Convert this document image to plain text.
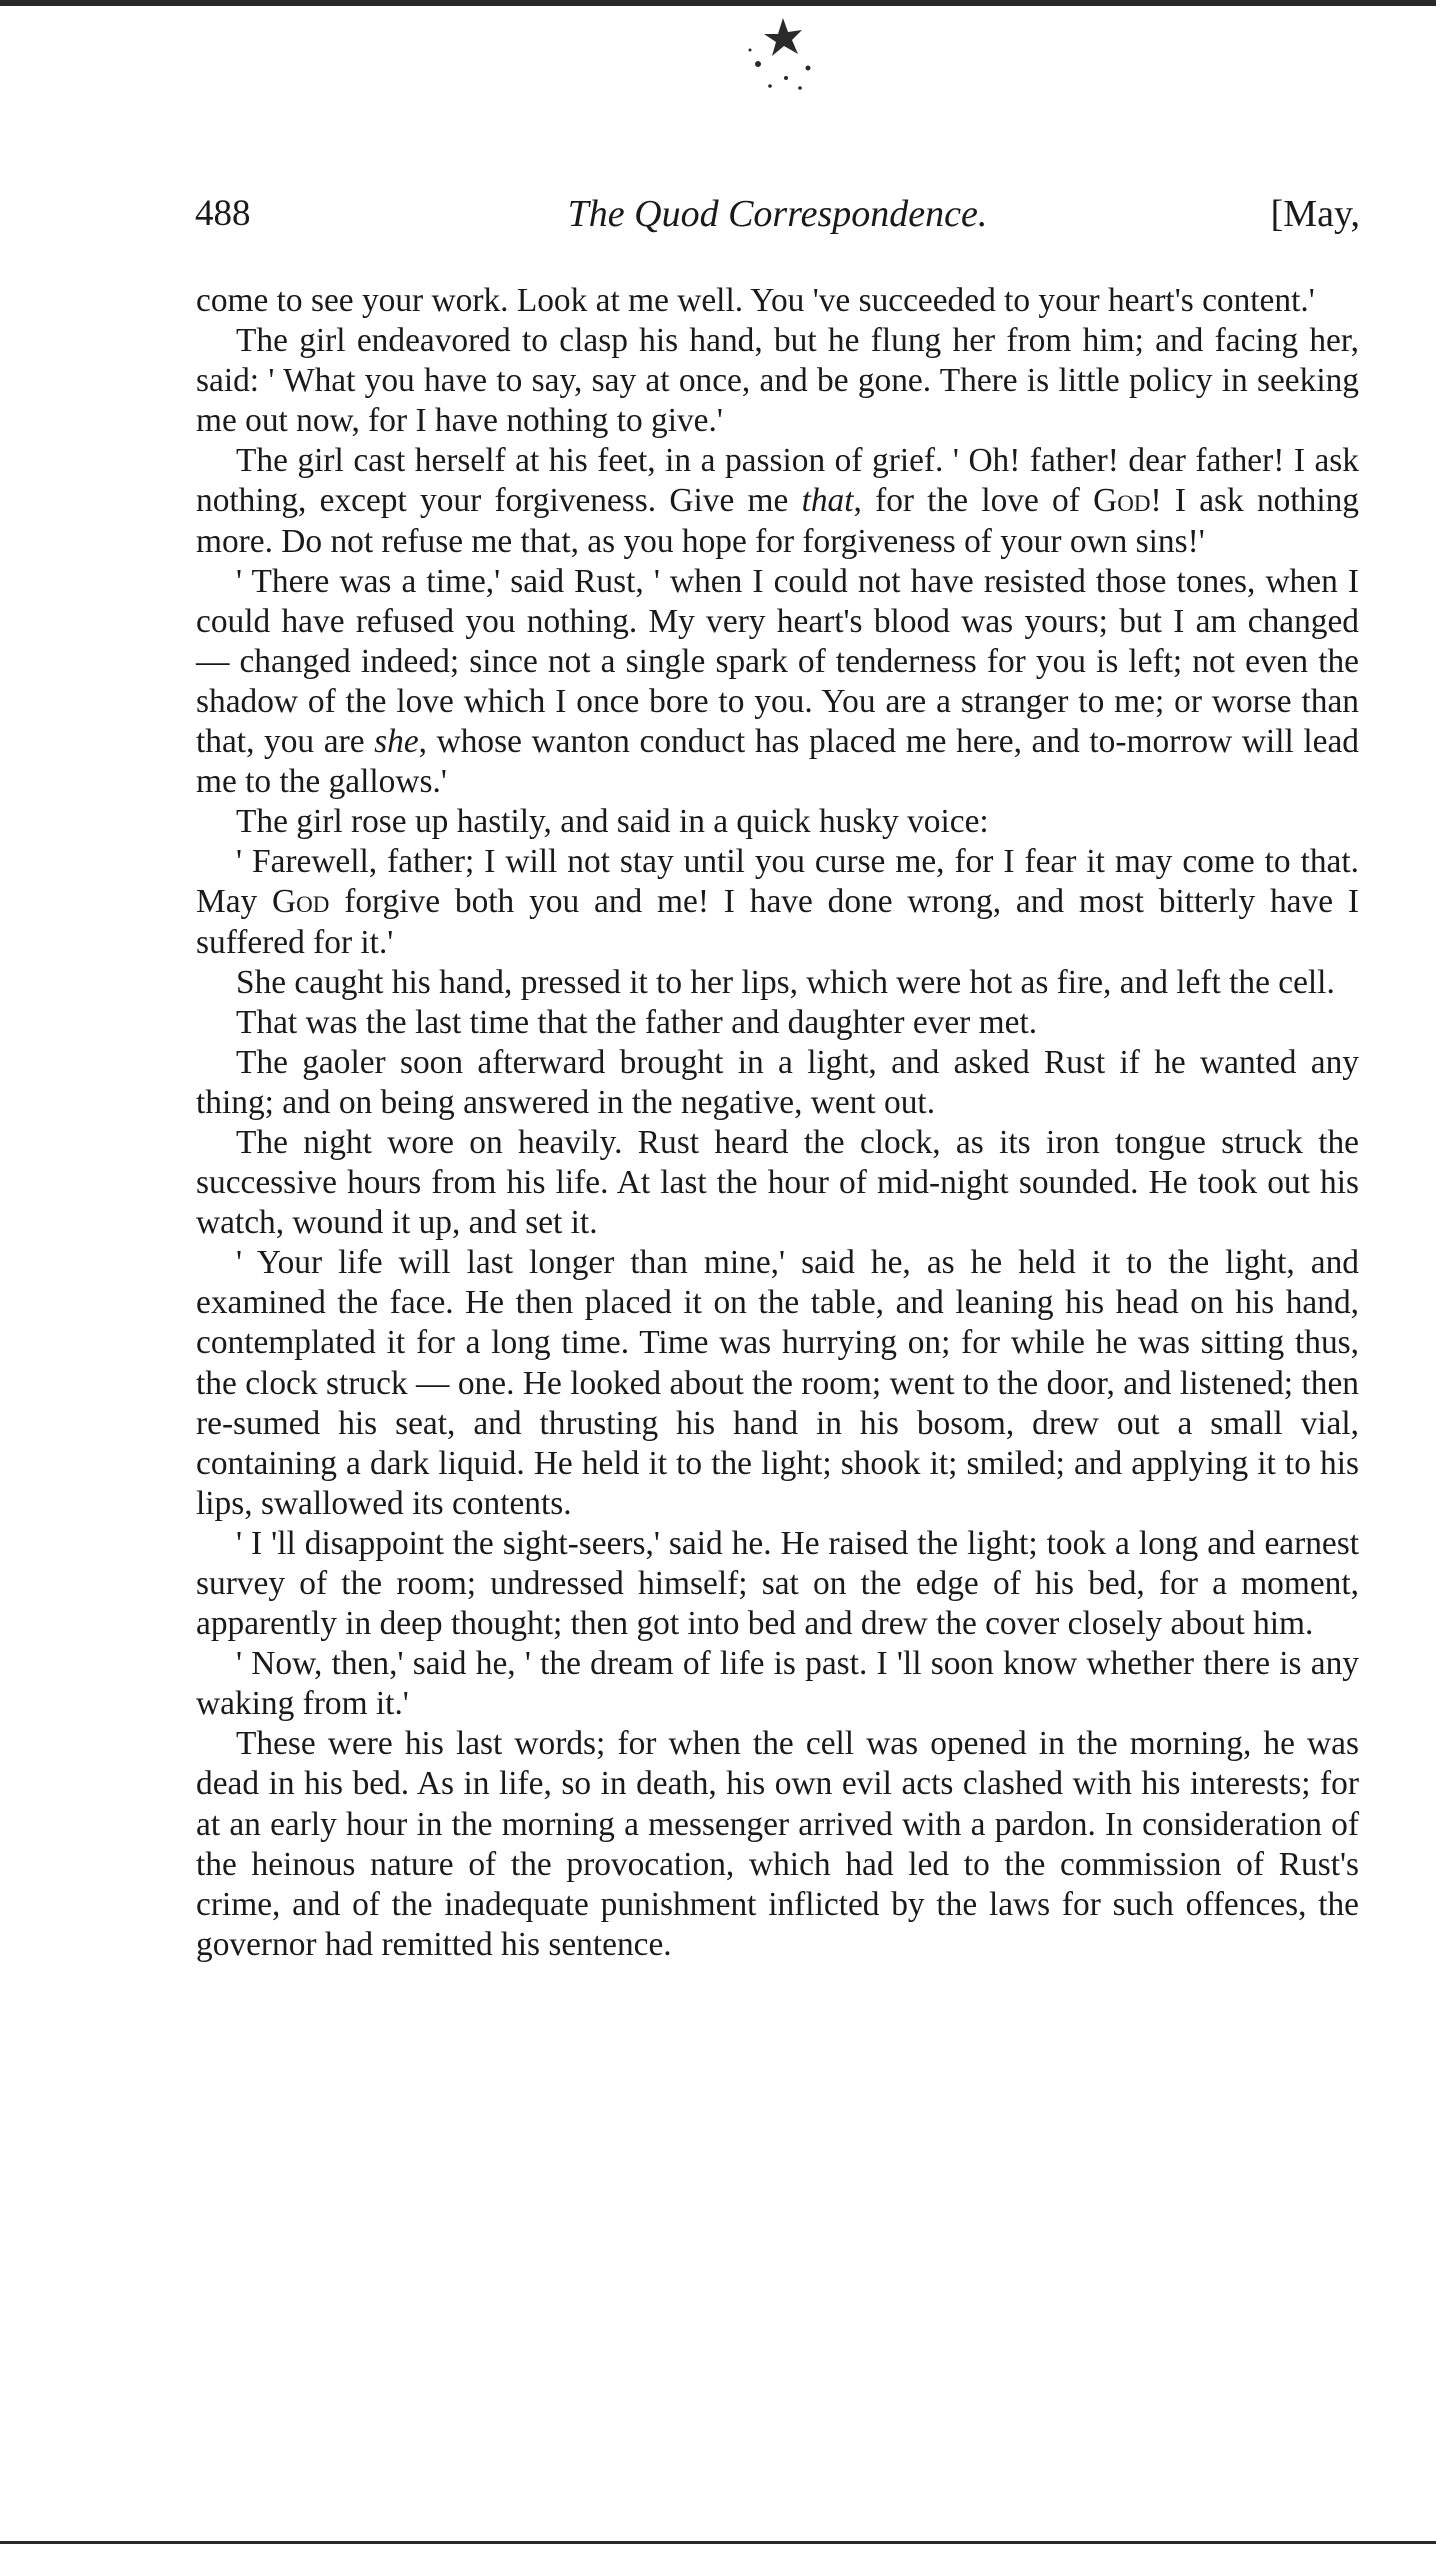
488	The Quod Correspondence.	[May,

come to see your work. Look at me well. You 've succeeded to your heart's content.'

The girl endeavored to clasp his hand, but he flung her from him; and facing her, said: ' What you have to say, say at once, and be gone. There is little policy in seeking me out now, for I have nothing to give.'

The girl cast herself at his feet, in a passion of grief. ' Oh! father! dear father! I ask nothing, except your forgiveness. Give me that, for the love of God! I ask nothing more. Do not refuse me that, as you hope for forgiveness of your own sins!'

' There was a time,' said Rust, ' when I could not have resisted those tones, when I could have refused you nothing. My very heart's blood was yours; but I am changed — changed indeed; since not a single spark of tenderness for you is left; not even the shadow of the love which I once bore to you. You are a stranger to me; or worse than that, you are she, whose wanton conduct has placed me here, and to-morrow will lead me to the gallows.'

The girl rose up hastily, and said in a quick husky voice:

' Farewell, father; I will not stay until you curse me, for I fear it may come to that. May God forgive both you and me! I have done wrong, and most bitterly have I suffered for it.'

She caught his hand, pressed it to her lips, which were hot as fire, and left the cell.

That was the last time that the father and daughter ever met.

The gaoler soon afterward brought in a light, and asked Rust if he wanted any thing; and on being answered in the negative, went out.

The night wore on heavily. Rust heard the clock, as its iron tongue struck the successive hours from his life. At last the hour of mid-night sounded. He took out his watch, wound it up, and set it.

' Your life will last longer than mine,' said he, as he held it to the light, and examined the face. He then placed it on the table, and leaning his head on his hand, contemplated it for a long time. Time was hurrying on; for while he was sitting thus, the clock struck — one. He looked about the room; went to the door, and listened; then re-sumed his seat, and thrusting his hand in his bosom, drew out a small vial, containing a dark liquid. He held it to the light; shook it; smiled; and applying it to his lips, swallowed its contents.

' I 'll disappoint the sight-seers,' said he. He raised the light; took a long and earnest survey of the room; undressed himself; sat on the edge of his bed, for a moment, apparently in deep thought; then got into bed and drew the cover closely about him.

' Now, then,' said he, ' the dream of life is past. I 'll soon know whether there is any waking from it.'

These were his last words; for when the cell was opened in the morning, he was dead in his bed. As in life, so in death, his own evil acts clashed with his interests; for at an early hour in the morning a messenger arrived with a pardon. In consideration of the heinous nature of the provocation, which had led to the commission of Rust's crime, and of the inadequate punishment inflicted by the laws for such offences, the governor had remitted his sentence.
